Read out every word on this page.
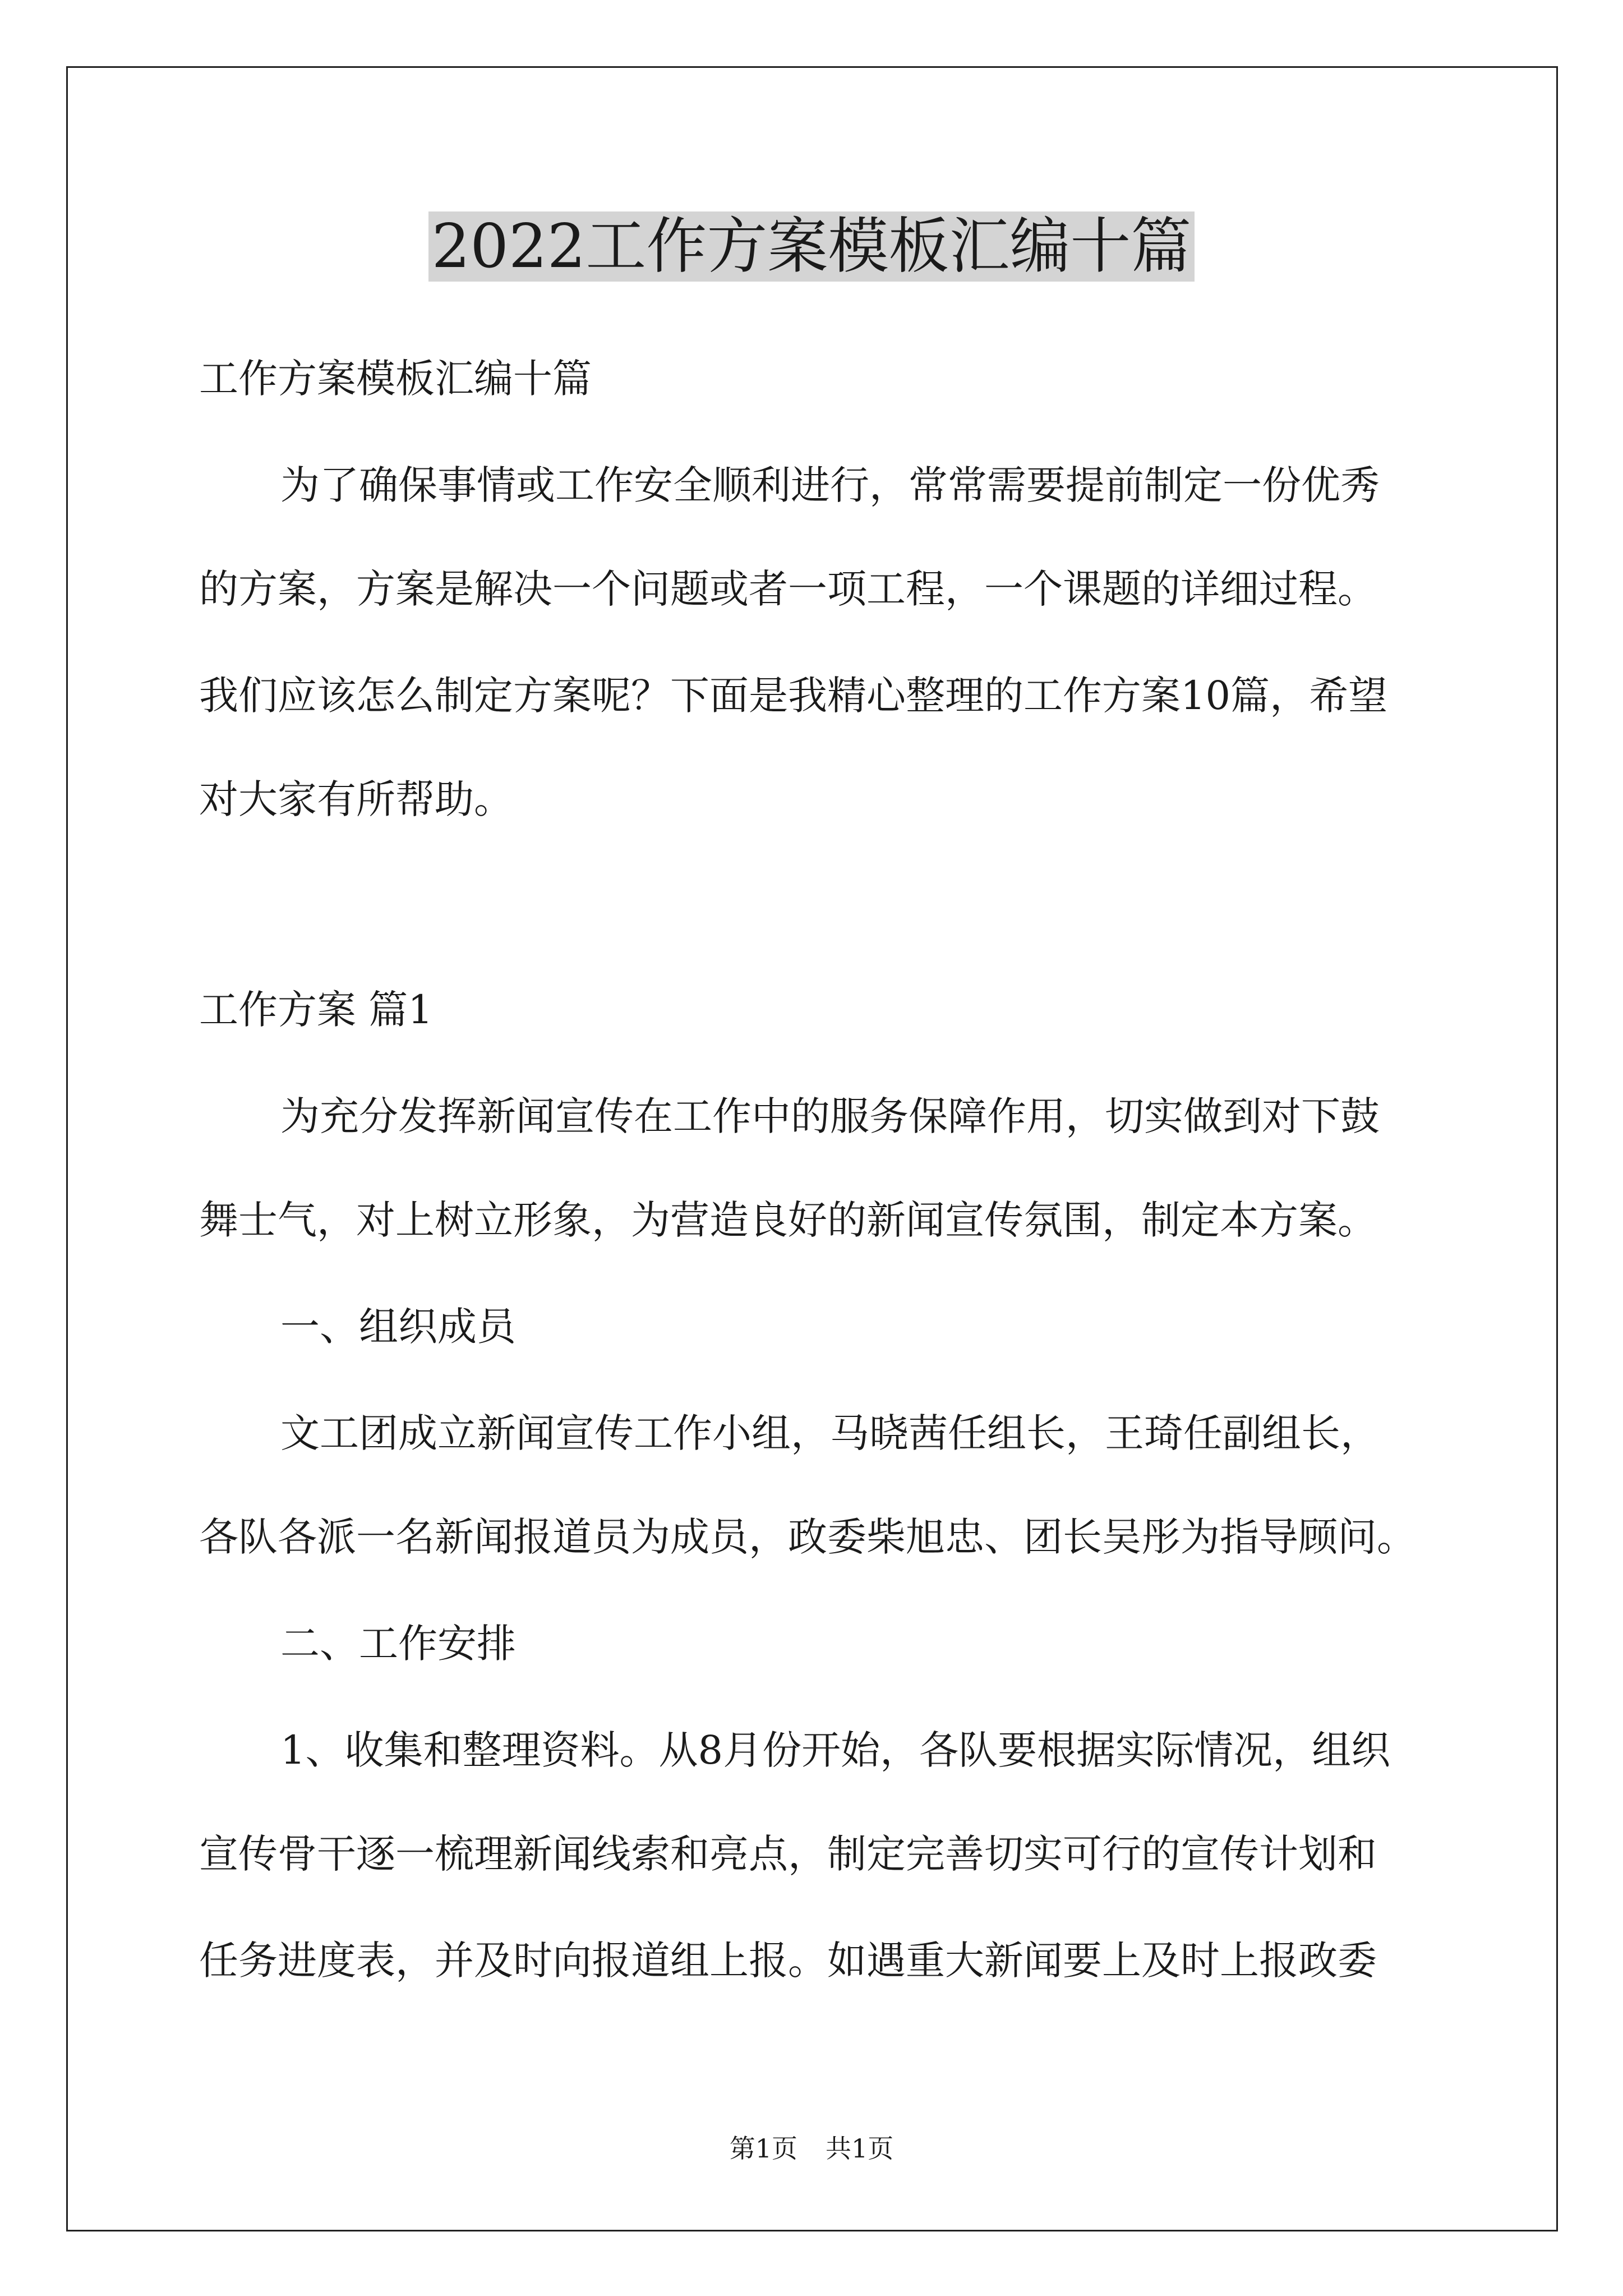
2022工作方案模板汇编十篇
工作方案模板汇编十篇
为了确保事情或工作安全顺利进行，常常需要提前制定一份优秀
的方案，方案是解决一个问题或者一项工程，一个课题的详细过程。
我们应该怎么制定方案呢？下面是我精心整理的工作方案10篇，希望
对大家有所帮助。
工作方案 篇1
为充分发挥新闻宣传在工作中的服务保障作用，切实做到对下鼓
舞士气，对上树立形象，为营造良好的新闻宣传氛围，制定本方案。
一、组织成员
文工团成立新闻宣传工作小组，马晓茜任组长，王琦任副组长，
各队各派一名新闻报道员为成员，政委柴旭忠、团长吴彤为指导顾问。
二、工作安排
1、收集和整理资料。从8月份开始，各队要根据实际情况，组织
宣传骨干逐一梳理新闻线索和亮点，制定完善切实可行的宣传计划和
任务进度表，并及时向报道组上报。如遇重大新闻要上及时上报政委
第1页 共1页
